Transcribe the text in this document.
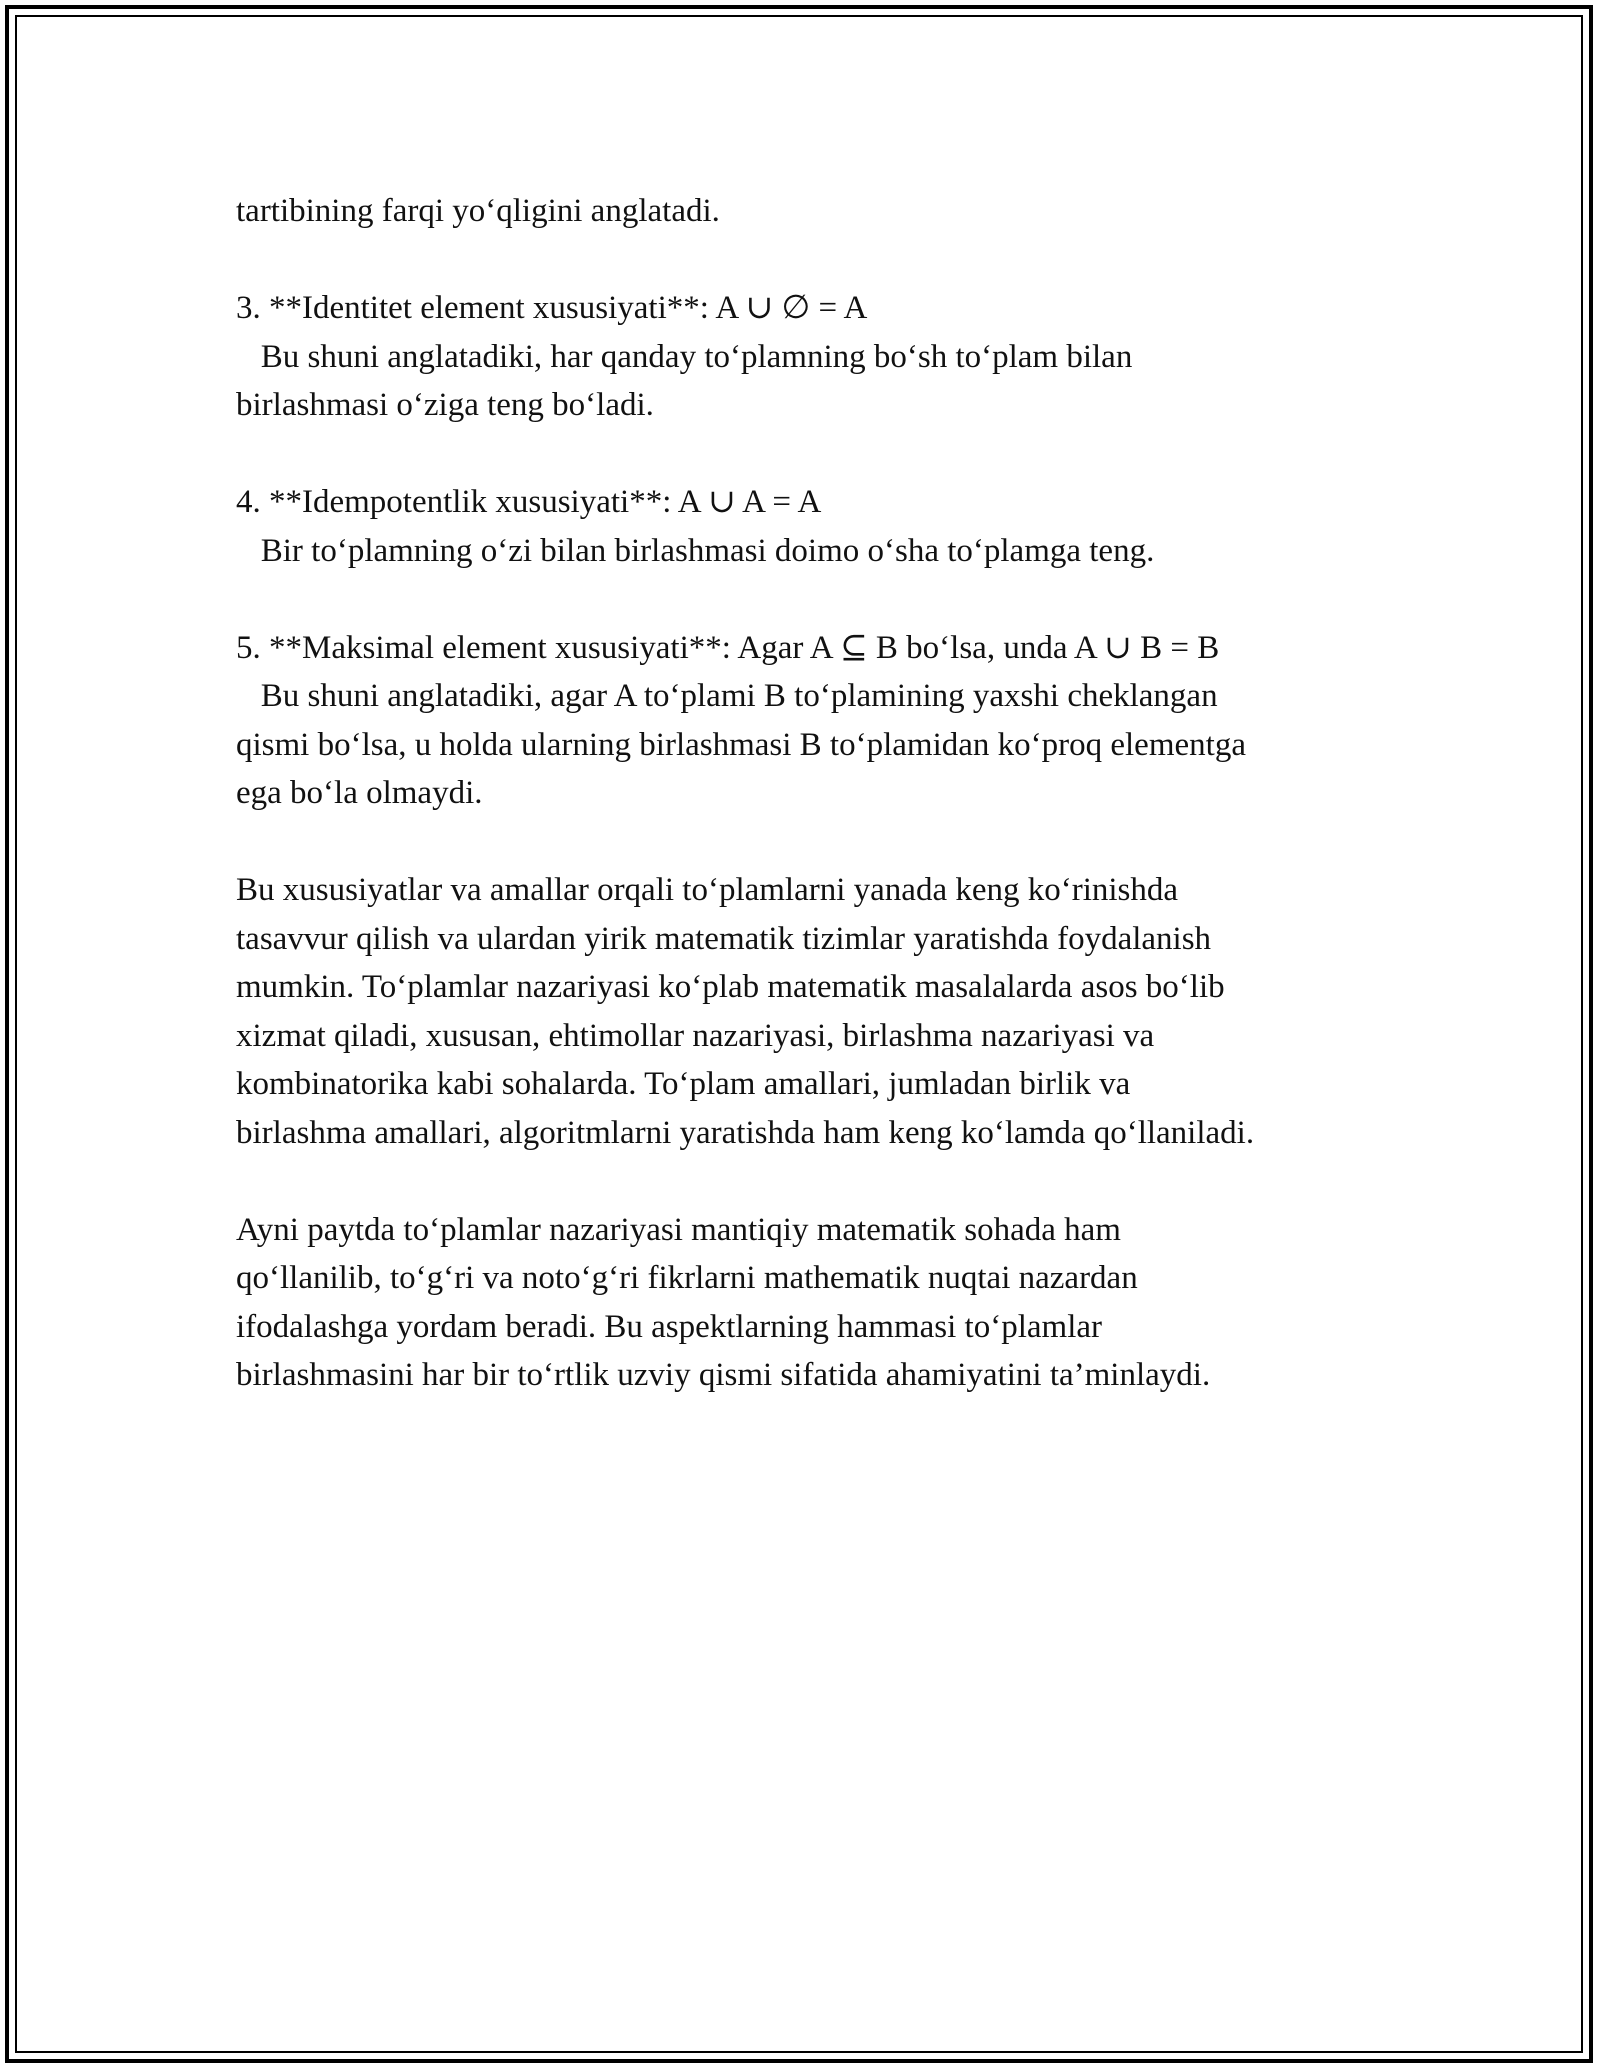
tartibining farqi yo‘qligini anglatadi.
3. **Identitet element xususiyati**: A ∪ ∅ = A
Bu shuni anglatadiki, har qanday to‘plamning bo‘sh to‘plam bilan
birlashmasi o‘ziga teng bo‘ladi.
4. **Idempotentlik xususiyati**: A ∪ A = A
Bir to‘plamning o‘zi bilan birlashmasi doimo o‘sha to‘plamga teng.
5. **Maksimal element xususiyati**: Agar A ⊆ B bo‘lsa, unda A ∪ B = B
Bu shuni anglatadiki, agar A to‘plami B to‘plamining yaxshi cheklangan
qismi bo‘lsa, u holda ularning birlashmasi B to‘plamidan ko‘proq elementga
ega bo‘la olmaydi.
Bu xususiyatlar va amallar orqali to‘plamlarni yanada keng ko‘rinishda
tasavvur qilish va ulardan yirik matematik tizimlar yaratishda foydalanish
mumkin. To‘plamlar nazariyasi ko‘plab matematik masalalarda asos bo‘lib
xizmat qiladi, xususan, ehtimollar nazariyasi, birlashma nazariyasi va
kombinatorika kabi sohalarda. To‘plam amallari, jumladan birlik va
birlashma amallari, algoritmlarni yaratishda ham keng ko‘lamda qo‘llaniladi.
Ayni paytda to‘plamlar nazariyasi mantiqiy matematik sohada ham
qo‘llanilib, to‘g‘ri va noto‘g‘ri fikrlarni mathematik nuqtai nazardan
ifodalashga yordam beradi. Bu aspektlarning hammasi to‘plamlar
birlashmasini har bir to‘rtlik uzviy qismi sifatida ahamiyatini ta’minlaydi.
